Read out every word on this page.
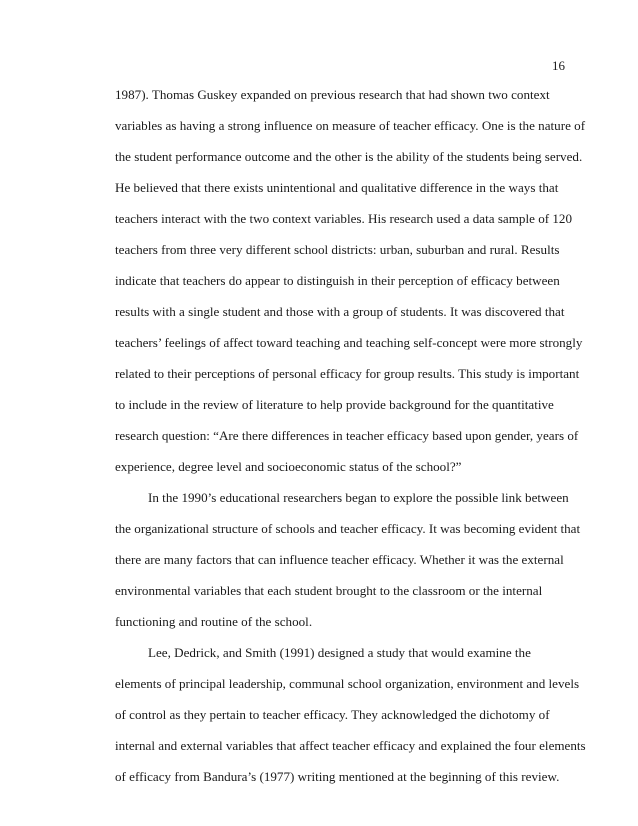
16
1987). Thomas Guskey expanded on previous research that had shown two context
variables as having a strong influence on measure of teacher efficacy. One is the nature of
the student performance outcome and the other is the ability of the students being served.
He believed that there exists unintentional and qualitative difference in the ways that
teachers interact with the two context variables. His research used a data sample of 120
teachers from three very different school districts: urban, suburban and rural. Results
indicate that teachers do appear to distinguish in their perception of efficacy between
results with a single student and those with a group of students. It was discovered that
teachers’ feelings of affect toward teaching and teaching self-concept were more strongly
related to their perceptions of personal efficacy for group results. This study is important
to include in the review of literature to help provide background for the quantitative
research question: “Are there differences in teacher efficacy based upon gender, years of
experience, degree level and socioeconomic status of the school?”
In the 1990’s educational researchers began to explore the possible link between
the organizational structure of schools and teacher efficacy. It was becoming evident that
there are many factors that can influence teacher efficacy. Whether it was the external
environmental variables that each student brought to the classroom or the internal
functioning and routine of the school.
Lee, Dedrick, and Smith (1991) designed a study that would examine the
elements of principal leadership, communal school organization, environment and levels
of control as they pertain to teacher efficacy. They acknowledged the dichotomy of
internal and external variables that affect teacher efficacy and explained the four elements
of efficacy from Bandura’s (1977) writing mentioned at the beginning of this review.
